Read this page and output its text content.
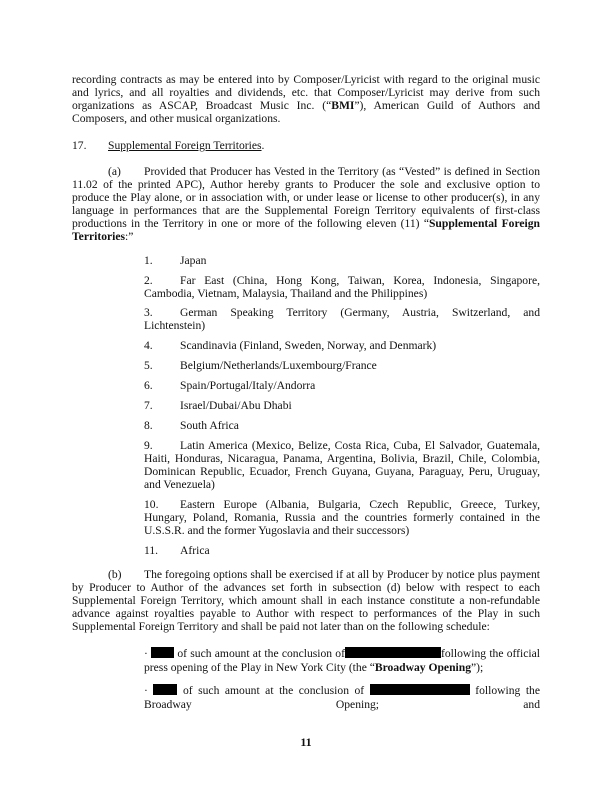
recording contracts as may be entered into by Composer/Lyricist with regard to the original music and lyrics, and all royalties and dividends, etc. that Composer/Lyricist may derive from such organizations as ASCAP, Broadcast Music Inc. (“BMI”), American Guild of Authors and Composers, and other musical organizations.

17. Supplemental Foreign Territories.

(a) Provided that Producer has Vested in the Territory (as “Vested” is defined in Section 11.02 of the printed APC), Author hereby grants to Producer the sole and exclusive option to produce the Play alone, or in association with, or under lease or license to other producer(s), in any language in performances that are the Supplemental Foreign Territory equivalents of first-class productions in the Territory in one or more of the following eleven (11) “Supplemental Foreign Territories:”

1. Japan

2. Far East (China, Hong Kong, Taiwan, Korea, Indonesia, Singapore, Cambodia, Vietnam, Malaysia, Thailand and the Philippines)

3. German Speaking Territory (Germany, Austria, Switzerland, and Lichtenstein)

4. Scandinavia (Finland, Sweden, Norway, and Denmark)

5. Belgium/Netherlands/Luxembourg/France

6. Spain/Portugal/Italy/Andorra

7. Israel/Dubai/Abu Dhabi

8. South Africa

9. Latin America (Mexico, Belize, Costa Rica, Cuba, El Salvador, Guatemala, Haiti, Honduras, Nicaragua, Panama, Argentina, Bolivia, Brazil, Chile, Colombia, Dominican Republic, Ecuador, French Guyana, Guyana, Paraguay, Peru, Uruguay, and Venezuela)

10. Eastern Europe (Albania, Bulgaria, Czech Republic, Greece, Turkey, Hungary, Poland, Romania, Russia and the countries formerly contained in the U.S.S.R. and the former Yugoslavia and their successors)

11. Africa

(b) The foregoing options shall be exercised if at all by Producer by notice plus payment by Producer to Author of the advances set forth in subsection (d) below with respect to each Supplemental Foreign Territory, which amount shall in each instance constitute a non-refundable advance against royalties payable to Author with respect to performances of the Play in such Supplemental Foreign Territory and shall be paid not later than on the following schedule:

·	of such amount at the conclusion of	following the official press opening of the Play in New York City (the “Broadway Opening”);

·	of such amount at the conclusion of	following the Broadway Opening; and

11
